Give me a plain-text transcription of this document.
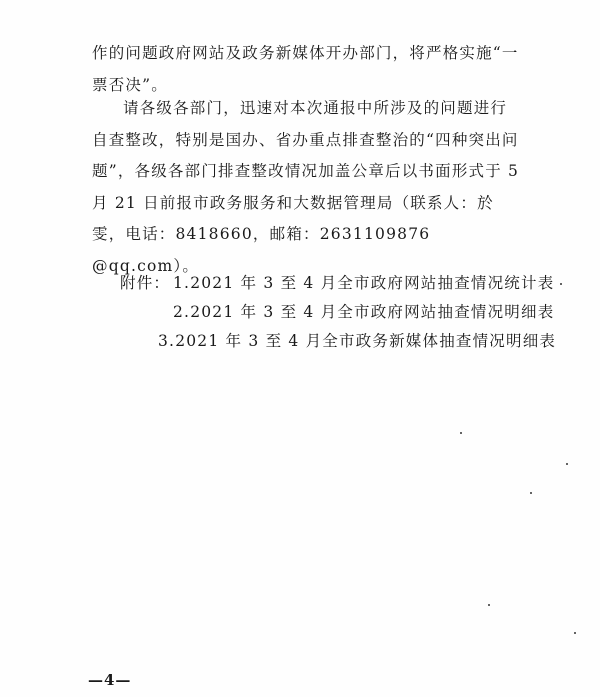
作的问题政府网站及政务新媒体开办部门，将严格实施“一票否决”。

请各级各部门，迅速对本次通报中所涉及的问题进行自查整改，特别是国办、省办重点排查整治的“四种突出问题”，各级各部门排查整改情况加盖公章后以书面形式于 5 月 21 日前报市政务服务和大数据管理局（联系人：於雯，电话：8418660，邮箱：2631109876 @qq.com）。

附件： 1.2021 年 3 至 4 月全市政府网站抽查情况统计表
2.2021 年 3 至 4 月全市政府网站抽查情况明细表
3.2021 年 3 至 4 月全市政务新媒体抽查情况明细表
—4—
